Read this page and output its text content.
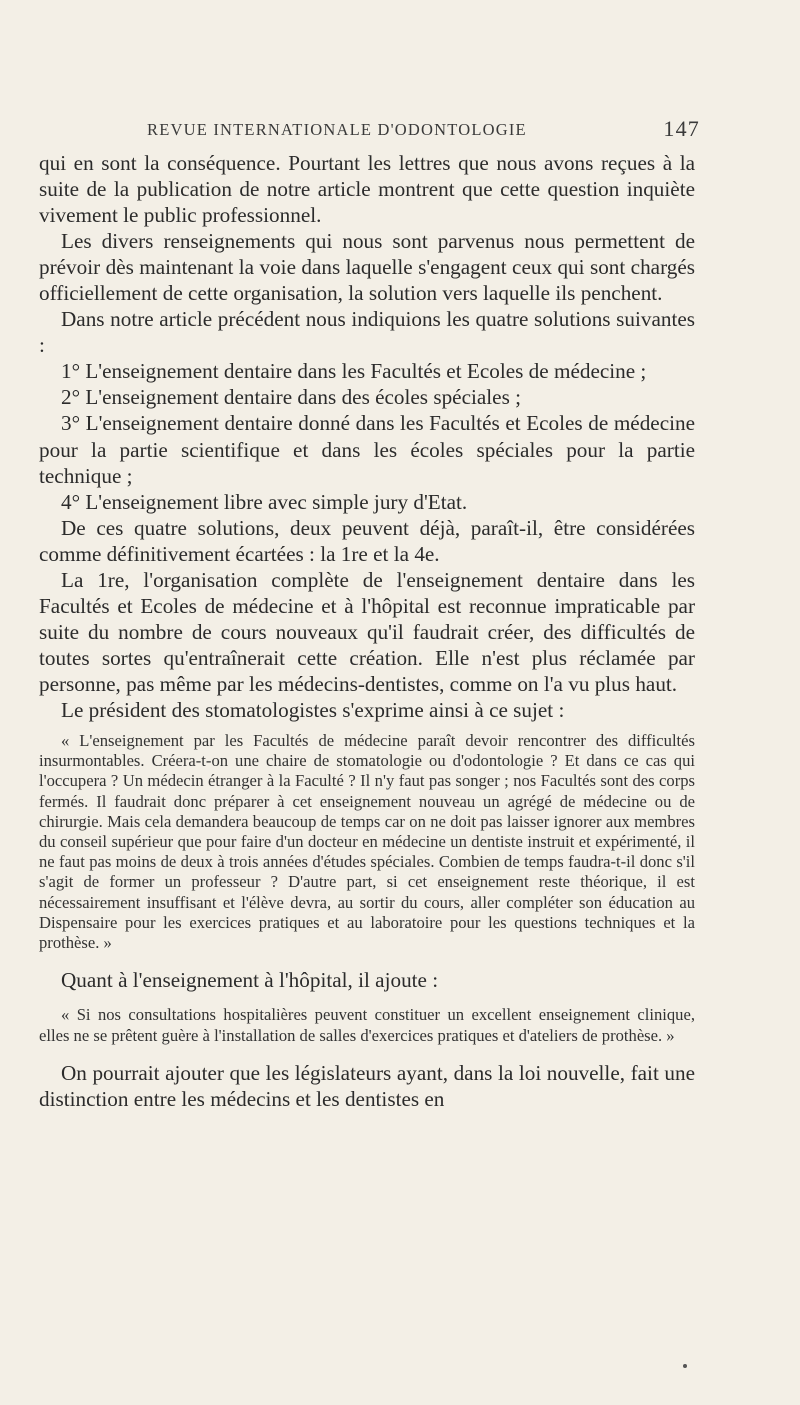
REVUE INTERNATIONALE D'ODONTOLOGIE	147

qui en sont la conséquence. Pourtant les lettres que nous avons reçues à la suite de la publication de notre article montrent que cette question inquiète vivement le public professionnel.

Les divers renseignements qui nous sont parvenus nous permettent de prévoir dès maintenant la voie dans laquelle s'engagent ceux qui sont chargés officiellement de cette organisation, la solution vers laquelle ils penchent.

Dans notre article précédent nous indiquions les quatre solutions suivantes :

1° L'enseignement dentaire dans les Facultés et Ecoles de médecine ;

2° L'enseignement dentaire dans des écoles spéciales ;

3° L'enseignement dentaire donné dans les Facultés et Ecoles de médecine pour la partie scientifique et dans les écoles spéciales pour la partie technique ;

4° L'enseignement libre avec simple jury d'Etat.

De ces quatre solutions, deux peuvent déjà, paraît-il, être considérées comme définitivement écartées : la 1re et la 4e.

La 1re, l'organisation complète de l'enseignement dentaire dans les Facultés et Ecoles de médecine et à l'hôpital est reconnue impraticable par suite du nombre de cours nouveaux qu'il faudrait créer, des difficultés de toutes sortes qu'entraînerait cette création. Elle n'est plus réclamée par personne, pas même par les médecins-dentistes, comme on l'a vu plus haut.

Le président des stomatologistes s'exprime ainsi à ce sujet :

« L'enseignement par les Facultés de médecine paraît devoir rencontrer des difficultés insurmontables. Créera-t-on une chaire de stomatologie ou d'odontologie ? Et dans ce cas qui l'occupera ? Un médecin étranger à la Faculté ? Il n'y faut pas songer ; nos Facultés sont des corps fermés. Il faudrait donc préparer à cet enseignement nouveau un agrégé de médecine ou de chirurgie. Mais cela demandera beaucoup de temps car on ne doit pas laisser ignorer aux membres du conseil supérieur que pour faire d'un docteur en médecine un dentiste instruit et expérimenté, il ne faut pas moins de deux à trois années d'études spéciales. Combien de temps faudra-t-il donc s'il s'agit de former un professeur ? D'autre part, si cet enseignement reste théorique, il est nécessairement insuffisant et l'élève devra, au sortir du cours, aller compléter son éducation au Dispensaire pour les exercices pratiques et au laboratoire pour les questions techniques et la prothèse. »

Quant à l'enseignement à l'hôpital, il ajoute :

« Si nos consultations hospitalières peuvent constituer un excellent enseignement clinique, elles ne se prêtent guère à l'installation de salles d'exercices pratiques et d'ateliers de prothèse. »

On pourrait ajouter que les législateurs ayant, dans la loi nouvelle, fait une distinction entre les médecins et les dentistes en
